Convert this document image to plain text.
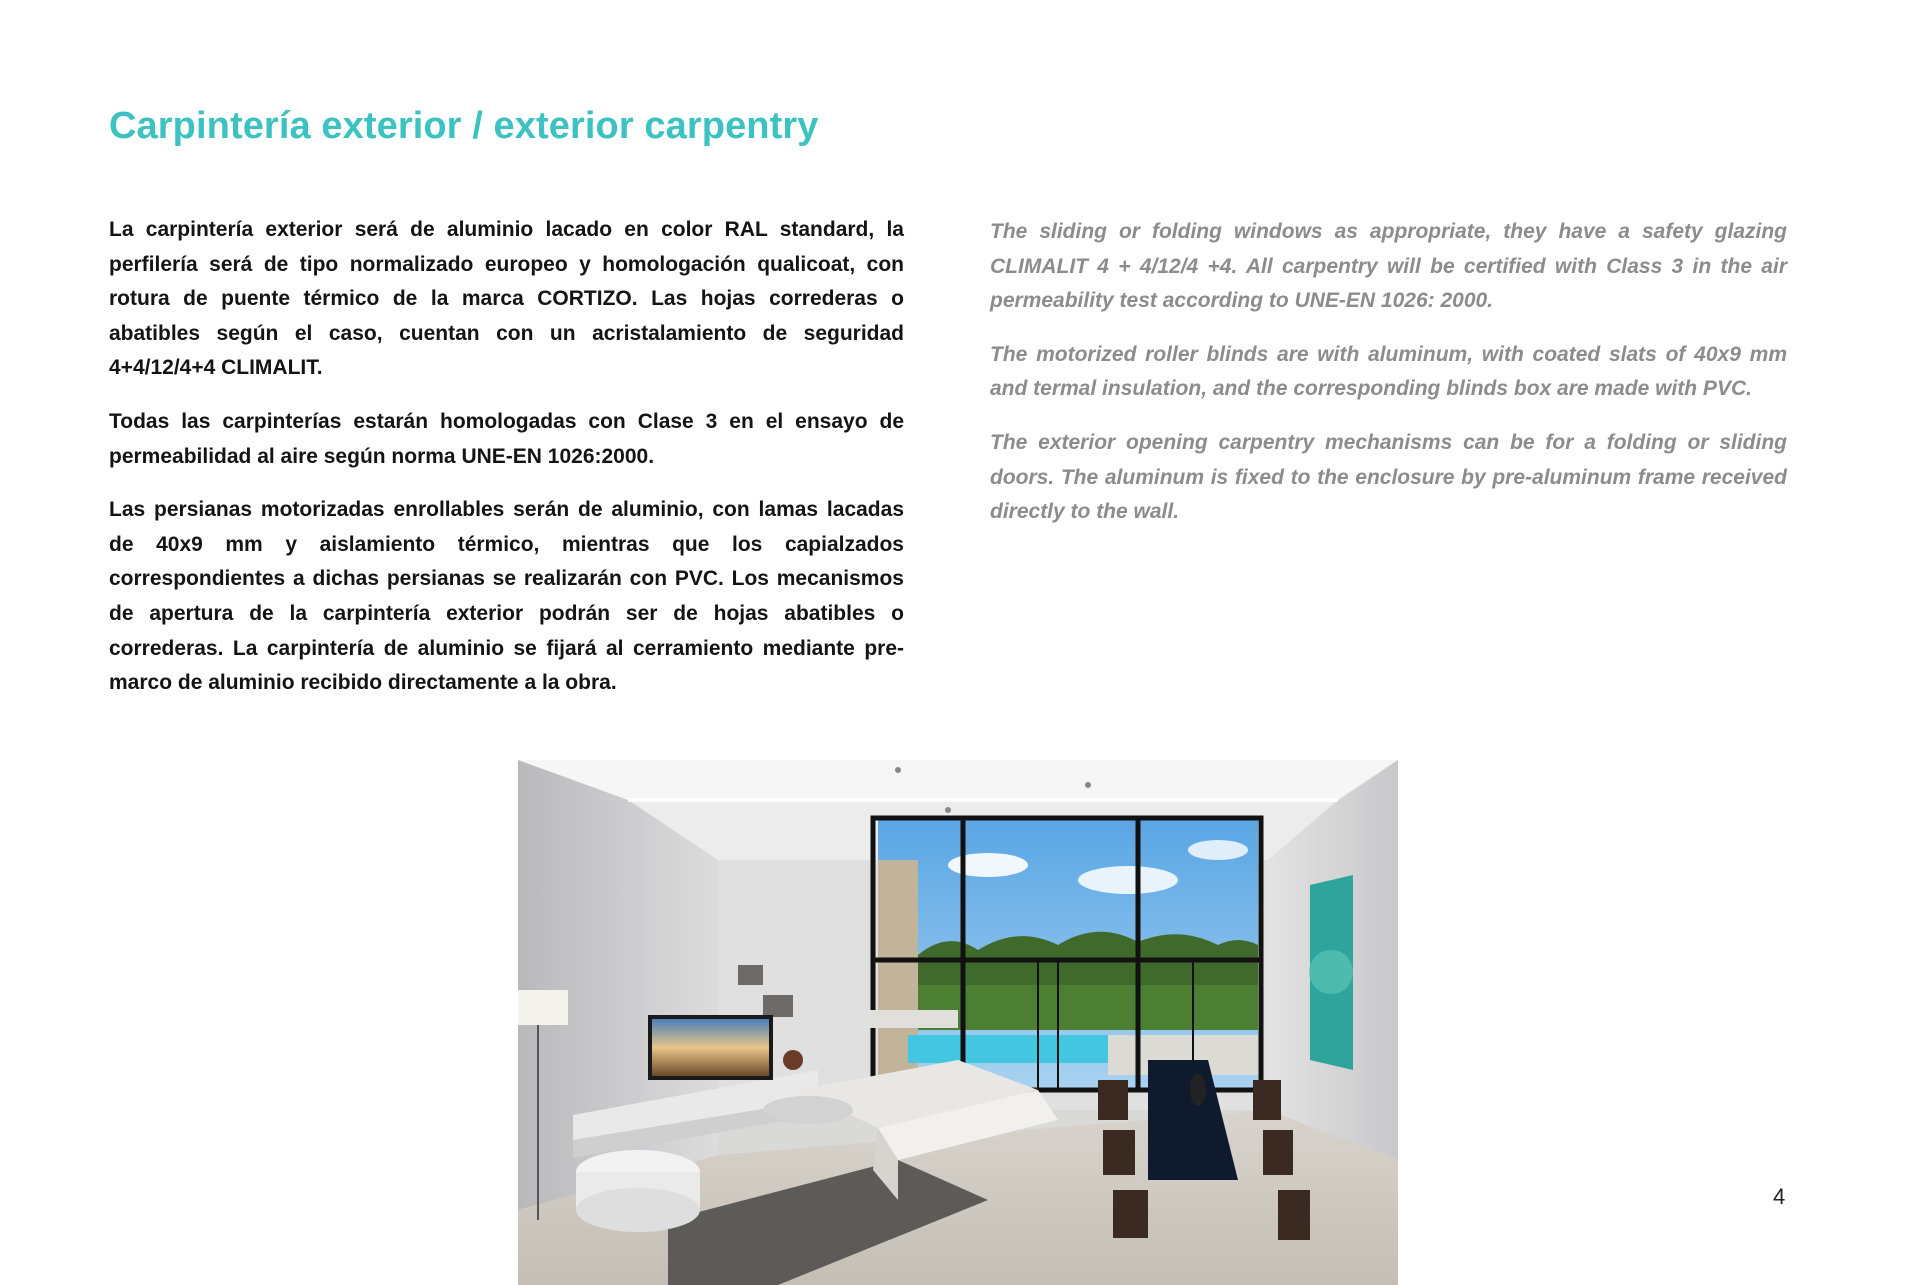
Carpintería exterior / exterior carpentry

La carpintería exterior será de aluminio lacado en color RAL standard, la perfilería será de tipo normalizado europeo y homologación qualicoat, con rotura de puente térmico de la marca CORTIZO. Las hojas correderas o abatibles según el caso, cuentan con un acristalamiento de seguridad 4+4/12/4+4 CLIMALIT.

Todas las carpinterías estarán homologadas con Clase 3 en el ensayo de permeabilidad al aire según norma UNE-EN 1026:2000.

Las persianas motorizadas enrollables serán de aluminio, con lamas lacadas de 40x9 mm y aislamiento térmico, mientras que los capialzados correspondientes a dichas persianas se realizarán con PVC. Los mecanismos de apertura de la carpintería exterior podrán ser de hojas abatibles o correderas. La carpintería de aluminio se fijará al cerramiento mediante pre-marco de aluminio recibido directamente a la obra.

The sliding or folding windows as appropriate, they have a safety glazing CLIMALIT 4 + 4/12/4 +4. All carpentry will be certified with Class 3 in the air permeability test according to UNE-EN 1026: 2000.

The motorized roller blinds are with aluminum, with coated slats of 40x9 mm and termal insulation, and the corresponding blinds box are made with PVC.

The exterior opening carpentry mechanisms can be for a folding or sliding doors. The aluminum is fixed to the enclosure by pre-aluminum frame received directly to the wall.

4
